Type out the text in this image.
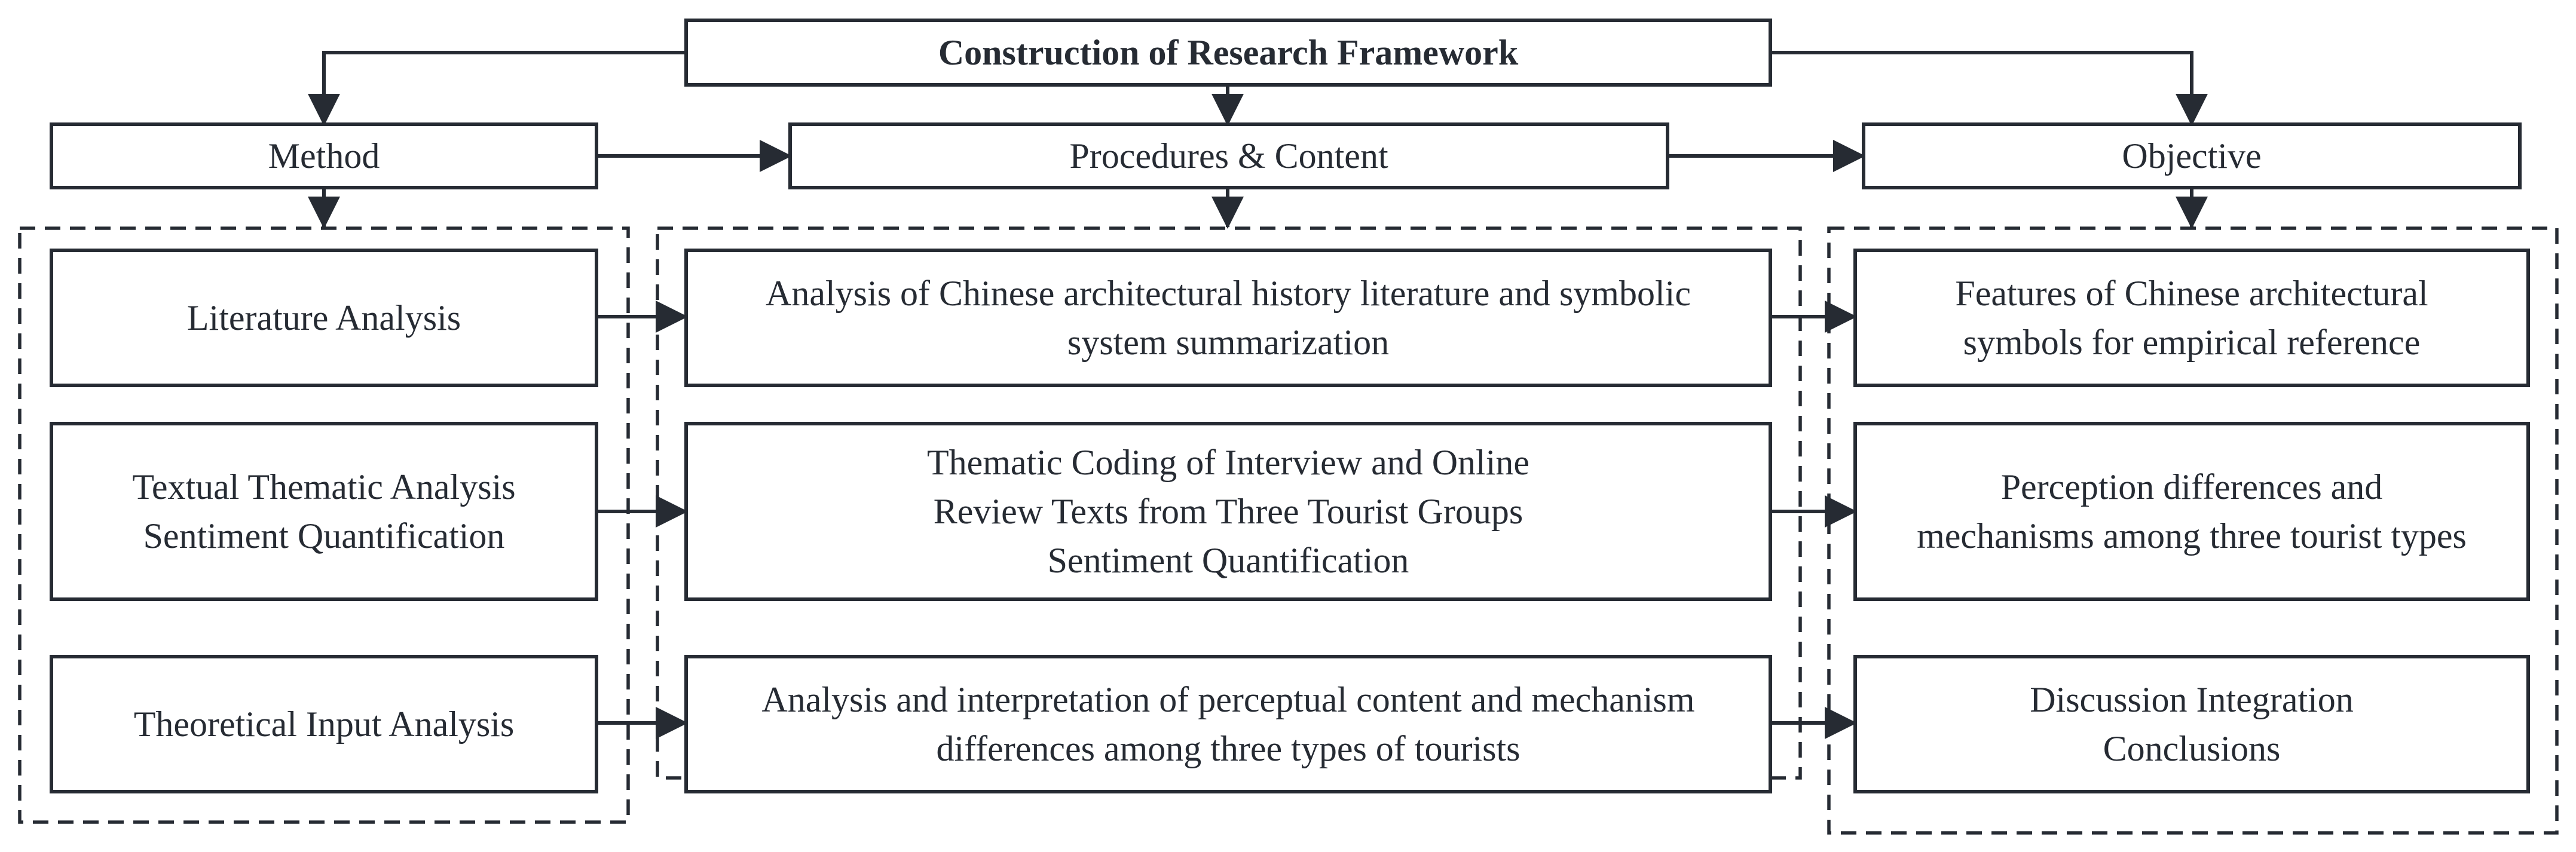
Construction of Research Framework
Method	Procedures & Content	Objective
Literature Analysis
Textual Thematic Analysis
Sentiment Quantification
Theoretical Input Analysis
Analysis of Chinese architectural history literature and symbolic
system summarization
Thematic Coding of Interview and Online
Review Texts from Three Tourist Groups
Sentiment Quantification
Analysis and interpretation of perceptual content and mechanism
differences among three types of tourists
Features of Chinese architectural
symbols for empirical reference
Perception differences and
mechanisms among three tourist types
Discussion Integration
Conclusions
